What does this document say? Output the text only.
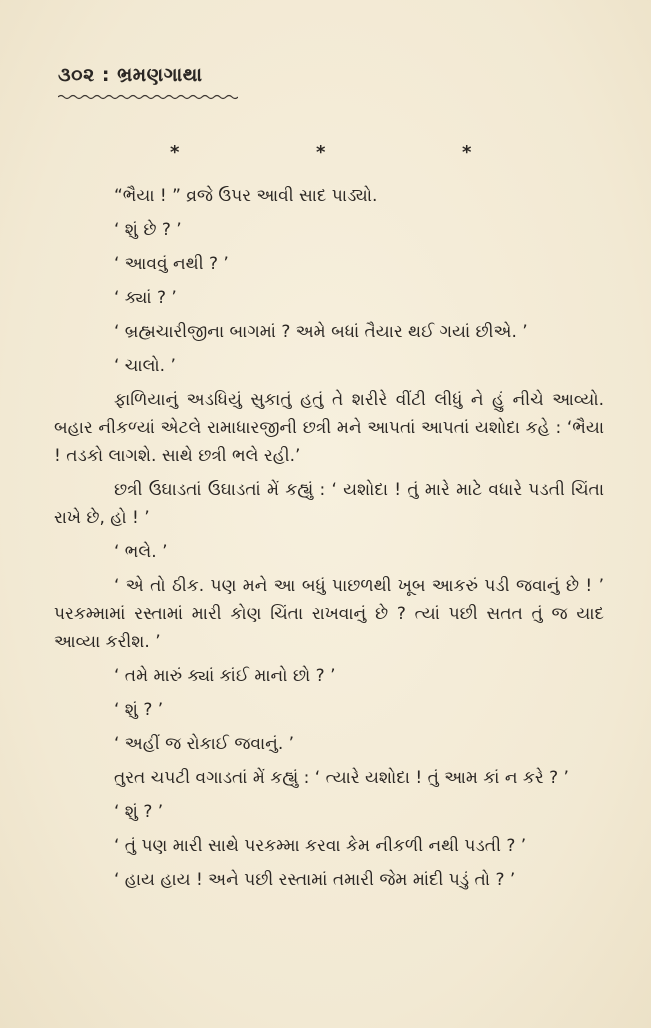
૩૦૨ : ભ્રમણગાથા
*	*	*

“ભૈયા ! ” વ્રજે ઉપર આવી સાદ પાડ્યો.

‘ શું છે ? ’

‘ આવવું નથી ? ’

‘ ક્યાં ? ’

‘ બ્રહ્મચારીજીના બાગમાં ? અમે બધાં તૈયાર થઈ ગયાં છીએ. ’

‘ ચાલો. ’

ફાળિયાનું અડધિયું સુકાતું હતું તે શરીરે વીંટી લીધું ને હું નીચે આવ્યો. બહાર નીકળ્યાં એટલે રામાધારજીની છત્રી મને આપતાં આપતાં યશોદા કહે : ‘ભૈયા ! તડકો લાગશે. સાથે છત્રી ભલે રહી.’

છત્રી ઉઘાડતાં ઉઘાડતાં મેં કહ્યું : ‘ યશોદા ! તું મારે માટે વધારે પડતી ચિંતા રાખે છે, હો ! ’

‘ ભલે. ’

‘ એ તો ઠીક. પણ મને આ બધું પાછળથી ખૂબ આકરું પડી જવાનું છે ! ’ પરકમ્મામાં રસ્તામાં મારી કોણ ચિંતા રાખવાનું છે ? ત્યાં પછી સતત તું જ યાદ આવ્યા કરીશ. ’

‘ તમે મારું ક્યાં કાંઈ માનો છો ? ’

‘ શું ? ’

‘ અહીં જ રોકાઈ જવાનું. ’

તુરત ચપટી વગાડતાં મેં કહ્યું : ‘ ત્યારે યશોદા ! તું આમ કાં ન કરે ? ’

‘ શું ? ’

‘ તું પણ મારી સાથે પરકમ્મા કરવા કેમ નીકળી નથી પડતી ? ’

‘ હાય હાય ! અને પછી રસ્તામાં તમારી જેમ માંદી પડું તો ? ’
